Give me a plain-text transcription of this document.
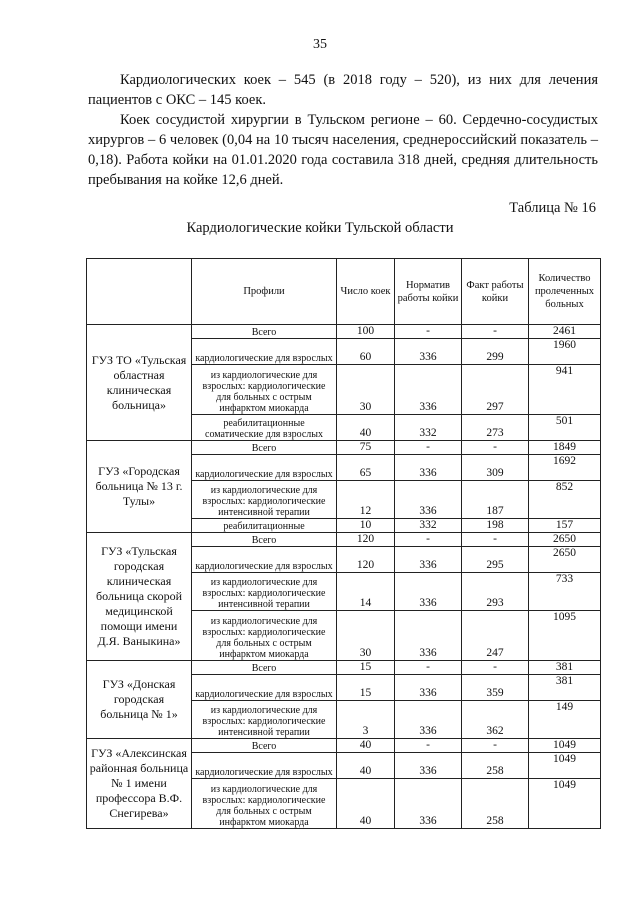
35

Кардиологических коек – 545 (в 2018 году – 520), из них для лечения пациентов с ОКС – 145 коек.

Коек сосудистой хирургии в Тульском регионе – 60. Сердечно-сосудистых хирургов – 6 человек (0,04 на 10 тысяч населения, среднероссийский показатель – 0,18). Работа койки на 01.01.2020 года составила 318 дней, средняя длительность пребывания на койке 12,6 дней.

Таблица № 16
Кардиологические койки Тульской области
	Профили	Число коек	Норматив работы койки	Факт работы койки	Количество пролеченных больных
ГУЗ ТО «Тульская областная клиническая больница»	Всего	100	-	-	2461
	кардиологические для взрослых	60	336	299	1960
	из кардиологические для взрослых: кардиологические для больных с острым инфарктом миокарда	30	336	297	941
	реабилитационные соматические для взрослых	40	332	273	501
ГУЗ «Городская больница № 13 г. Тулы»	Всего	75	-	-	1849
	кардиологические для взрослых	65	336	309	1692
	из кардиологические для взрослых: кардиологические интенсивной терапии	12	336	187	852
	реабилитационные	10	332	198	157
ГУЗ «Тульская городская клиническая больница скорой медицинской помощи имени Д.Я. Ваныкина»	Всего	120	-	-	2650
	кардиологические для взрослых	120	336	295	2650
	из кардиологические для взрослых: кардиологические интенсивной терапии	14	336	293	733
	из кардиологические для взрослых: кардиологические для больных с острым инфарктом миокарда	30	336	247	1095
ГУЗ «Донская городская больница № 1»	Всего	15	-	-	381
	кардиологические для взрослых	15	336	359	381
	из кардиологические для взрослых: кардиологические интенсивной терапии	3	336	362	149
ГУЗ «Алексинская районная больница № 1 имени профессора В.Ф. Снегирева»	Всего	40	-	-	1049
	кардиологические для взрослых	40	336	258	1049
	из кардиологические для взрослых: кардиологические для больных с острым инфарктом миокарда	40	336	258	1049
